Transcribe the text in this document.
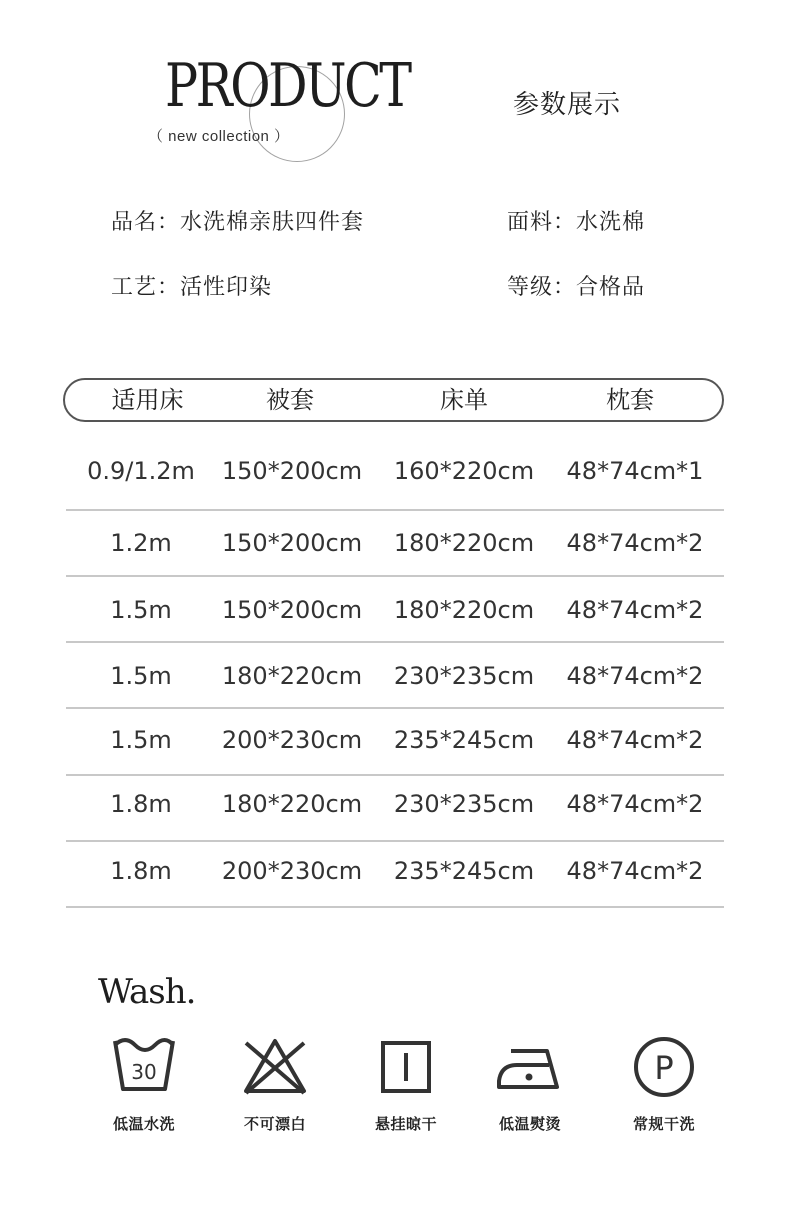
PRODUCT
（ new collection ）
参数展示
品名：水洗棉亲肤四件套	面料：水洗棉
工艺：活性印染	等级：合格品
适用床	被套	床单	枕套
0.9/1.2m	150*200cm	160*220cm	48*74cm*1
1.2m	150*200cm	180*220cm	48*74cm*2
1.5m	150*200cm	180*220cm	48*74cm*2
1.5m	180*220cm	230*235cm	48*74cm*2
1.5m	200*230cm	235*245cm	48*74cm*2
1.8m	180*220cm	230*235cm	48*74cm*2
1.8m	200*230cm	235*245cm	48*74cm*2
Wash.
30
低温水洗	不可漂白	悬挂晾干	低温熨烫
P
常规干洗
